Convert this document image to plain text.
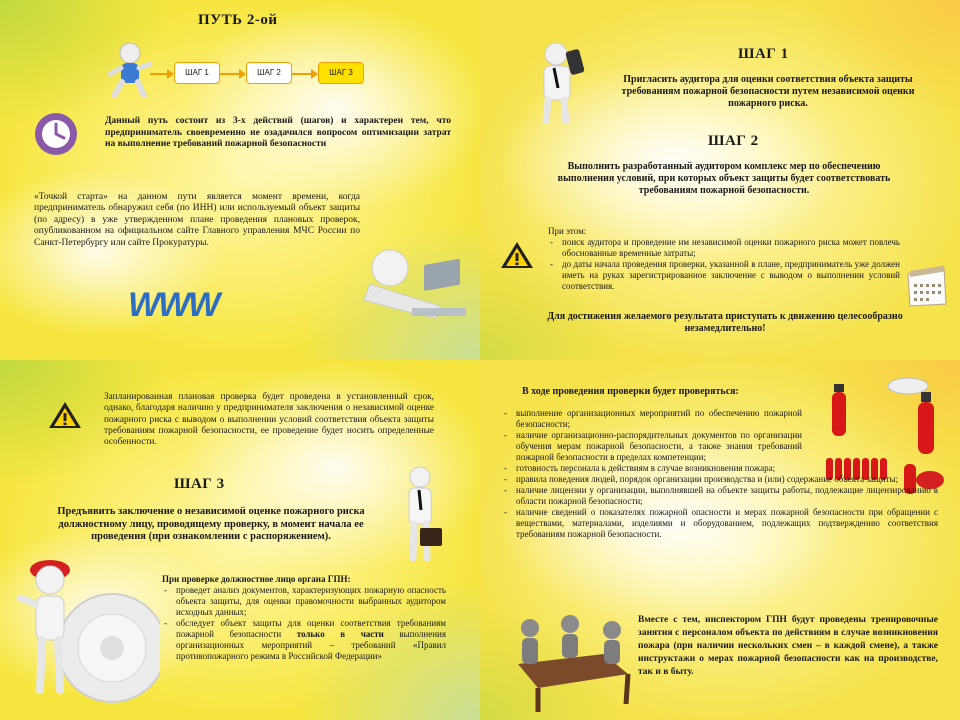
ПУТЬ 2-ой
ШАГ 1	ШАГ 2	ШАГ 3
Данный путь состоит из 3-х действий (шагов) и характерен тем, что предприниматель своевременно не озадачился вопросом оптимизации затрат на выполнение требований пожарной безопасности
«Точкой старта» на данном пути является момент времени, когда предприниматель обнаружил себя (по ИНН) или используемый объект защиты (по адресу) в уже утвержденном плане проведения плановых проверок, опубликованном на официальном сайте Главного управления МЧС России по Санкт-Петербургу или сайте Прокуратуры.
WWW
ШАГ 1
Пригласить аудитора для оценки соответствия объекта защиты требованиям пожарной безопасности путем независимой оценки пожарного риска.
ШАГ 2
Выполнить разработанный аудитором комплекс мер по обеспечению выполнения условий, при которых объект защиты будет соответствовать требованиям пожарной безопасности.
При этом:
- поиск аудитора и проведение им независимой оценки пожарного риска может повлечь обоснованные временные затраты;
- до даты начала проведения проверки, указанной в плане, предприниматель уже должен иметь на руках зарегистрированное заключение с выводом о выполнении условий соответствия.
Для достижения желаемого результата приступать к движению целесообразно незамедлительно!
Запланированная плановая проверка будет проведена в установленный срок, однако, благодаря наличию у предпринимателя заключения о независимой оценке пожарного риска с выводом о выполнении условий соответствия объекта защиты требованиям пожарной безопасности, ее проведение будет носить определенные особенности.
ШАГ 3
Предъявить заключение о независимой оценке пожарного риска должностному лицу, проводящему проверку, в момент начала ее проведения (при ознакомлении с распоряжением).
При проверке должностное лицо органа ГПН:
- проведет анализ документов, характеризующих пожарную опасность объекта защиты, для оценки правомочности выбранных аудитором исходных данных;
- обследует объект защиты для оценки соответствия требованиям пожарной безопасности только в части выполнения организационных мероприятий – требований «Правил противопожарного режима в Российской Федерации»
В ходе проведения проверки будет проверяться:
- выполнение организационных мероприятий по обеспечению пожарной безопасности;
- наличие организационно-распорядительных документов по организации обучения мерам пожарной безопасности, а также знания требований пожарной безопасности в пределах компетенции;
- готовность персонала к действиям в случае возникновения пожара;
- правила поведения людей, порядок организации производства и (или) содержание объекта защиты;
- наличие лицензии у организации, выполнявшей на объекте защиты работы, подлежащие лицензированию в области пожарной безопасности;
- наличие сведений о показателях пожарной опасности и мерах пожарной безопасности при обращении с веществами, материалами, изделиями и оборудованием, подлежащих подтверждению соответствия требованиям пожарной безопасности.
Вместе с тем, инспектором ГПН будут проведены тренировочные занятия с персоналом объекта по действиям в случае возникновения пожара (при наличии нескольких смен – в каждой смене), а также инструктажи о мерах пожарной безопасности как на производстве, так и в быту.
